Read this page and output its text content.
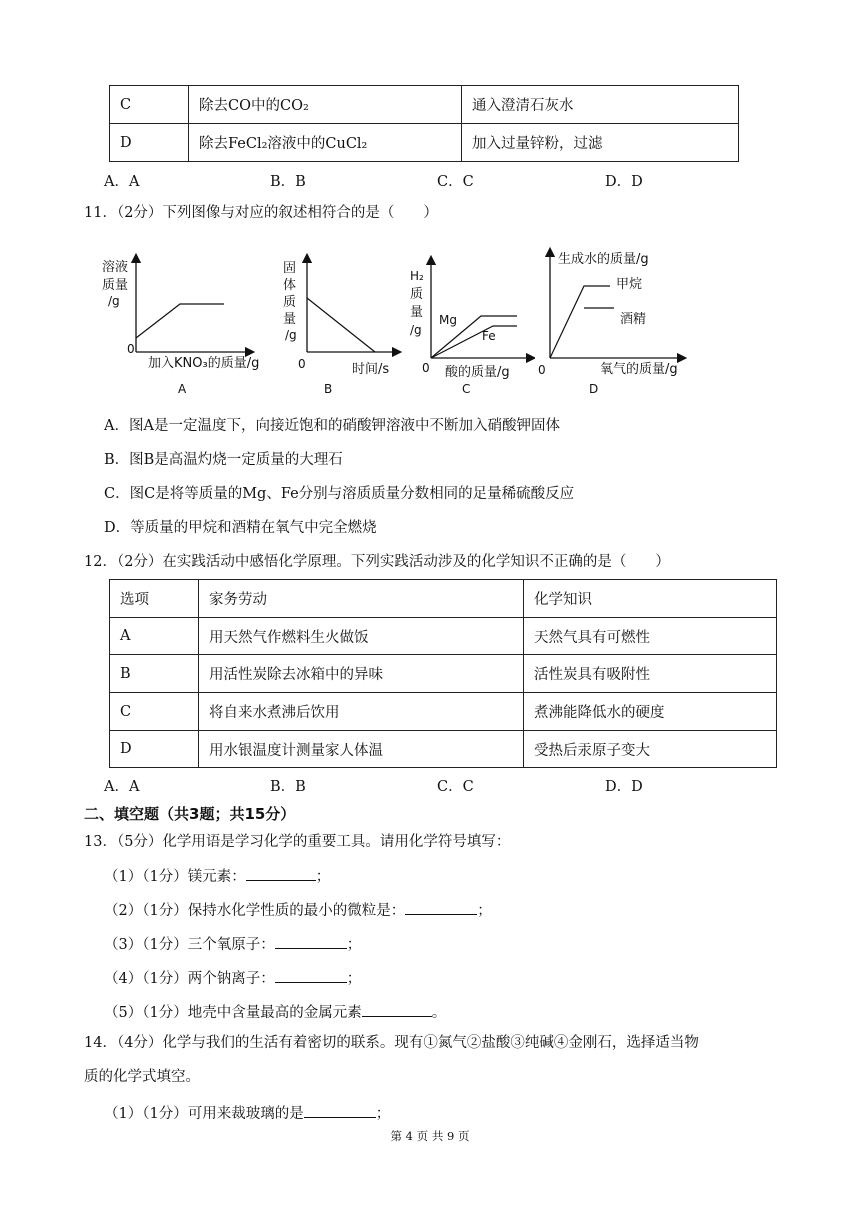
C	除去CO中的CO₂	通入澄清石灰水
D	除去FeCl₂溶液中的CuCl₂	加入过量锌粉，过滤
A．A	B．B	C．C	D．D
11．（2分）下列图像与对应的叙述相符合的是（　　）
溶液
质量
/g
0
加入KNO₃的质量/g
A
固
体
质
量
/g
0	时间/s
B
H₂
质
量
/g
Mg
Fe
0 酸的质量/g
C
生成水的质量/g
甲烷
酒精
0	氧气的质量/g
D
A．图A是一定温度下，向接近饱和的硝酸钾溶液中不断加入硝酸钾固体
B．图B是高温灼烧一定质量的大理石
C．图C是将等质量的Mg、Fe分别与溶质质量分数相同的足量稀硫酸反应
D．等质量的甲烷和酒精在氧气中完全燃烧
12．（2分）在实践活动中感悟化学原理。下列实践活动涉及的化学知识不正确的是（　　）
选项	家务劳动	化学知识
A	用天然气作燃料生火做饭	天然气具有可燃性
B	用活性炭除去冰箱中的异味	活性炭具有吸附性
C	将自来水煮沸后饮用	煮沸能降低水的硬度
D	用水银温度计测量家人体温	受热后汞原子变大
A．A	B．B	C．C	D．D
二、填空题（共3题；共15分）
13．（5分）化学用语是学习化学的重要工具。请用化学符号填写：
（1）（1分）镁元素：	；
（2）（1分）保持水化学性质的最小的微粒是：	；
（3）（1分）三个氧原子：	；
（4）（1分）两个钠离子：	；
（5）（1分）地壳中含量最高的金属元素	。
14．（4分）化学与我们的生活有着密切的联系。现有①氮气②盐酸③纯碱④金刚石，选择适当物
质的化学式填空。
（1）（1分）可用来裁玻璃的是	；
第 4 页 共 9 页
